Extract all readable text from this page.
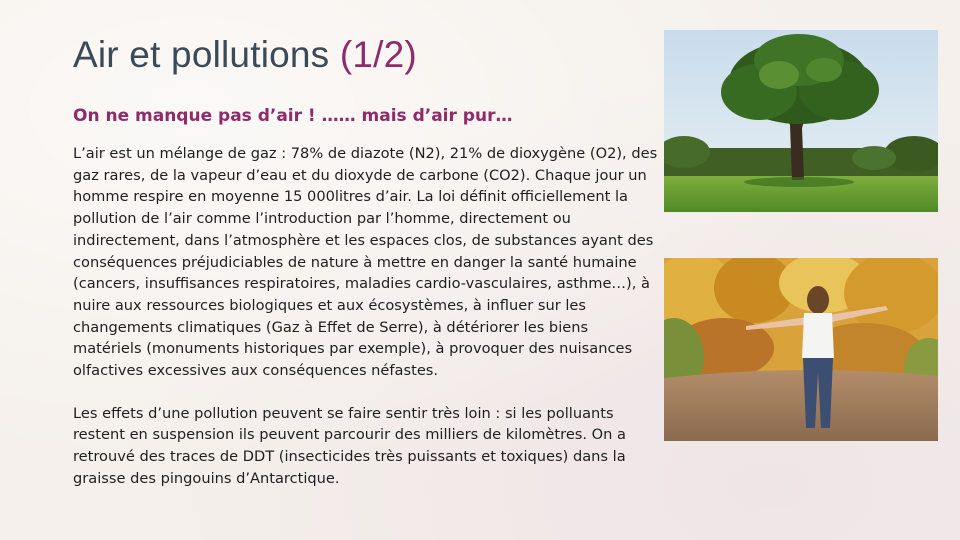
Air et pollutions (1/2)
On ne manque pas d’air ! …… mais d’air pur…

L’air est un mélange de gaz : 78% de diazote (N2), 21% de dioxygène (O2), des gaz rares, de la vapeur d’eau et du dioxyde de carbone (CO2). Chaque jour un homme respire en moyenne 15 000litres d’air. La loi définit officiellement la pollution de l’air comme l’introduction par l’homme, directement ou indirectement, dans l’atmosphère et les espaces clos, de substances ayant des conséquences préjudiciables de nature à mettre en danger la santé humaine (cancers, insuffisances respiratoires, maladies cardio-vasculaires, asthme…), à nuire aux ressources biologiques et aux écosystèmes, à influer sur les changements climatiques (Gaz à Effet de Serre), à détériorer les biens matériels (monuments historiques par exemple), à provoquer des nuisances olfactives excessives aux conséquences néfastes.

Les effets d’une pollution peuvent se faire sentir très loin : si les polluants restent en suspension ils peuvent parcourir des milliers de kilomètres. On a retrouvé des traces de DDT (insecticides très puissants et toxiques) dans la graisse des pingouins d’Antarctique.
